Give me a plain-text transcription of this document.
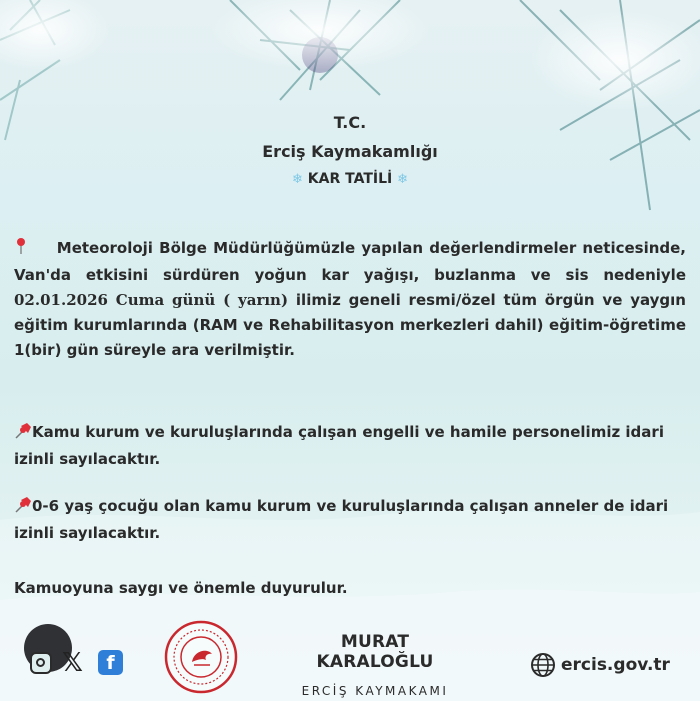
T.C.
Erciş Kaymakamlığı
❄ KAR TATİLİ ❄
Meteoroloji Bölge Müdürlüğümüzle yapılan değerlendirmeler neticesinde, Van'da etkisini sürdüren yoğun kar yağışı, buzlanma ve sis nedeniyle 02.01.2026 Cuma günü ( yarın) ilimiz geneli resmi/özel tüm örgün ve yaygın eğitim kurumlarında (RAM ve Rehabilitasyon merkezleri dahil) eğitim-öğretime 1(bir) gün süreyle ara verilmiştir.
Kamu kurum ve kuruluşlarında çalışan engelli ve hamile personelimiz idari izinli sayılacaktır.
0-6 yaş çocuğu olan kamu kurum ve kuruluşlarında çalışan anneler de idari izinli sayılacaktır.
Kamuoyuna saygı ve önemle duyurulur.
𝕏	f
MURAT KARALOĞLU
ERCİŞ KAYMAKAMI
ercis.gov.tr
